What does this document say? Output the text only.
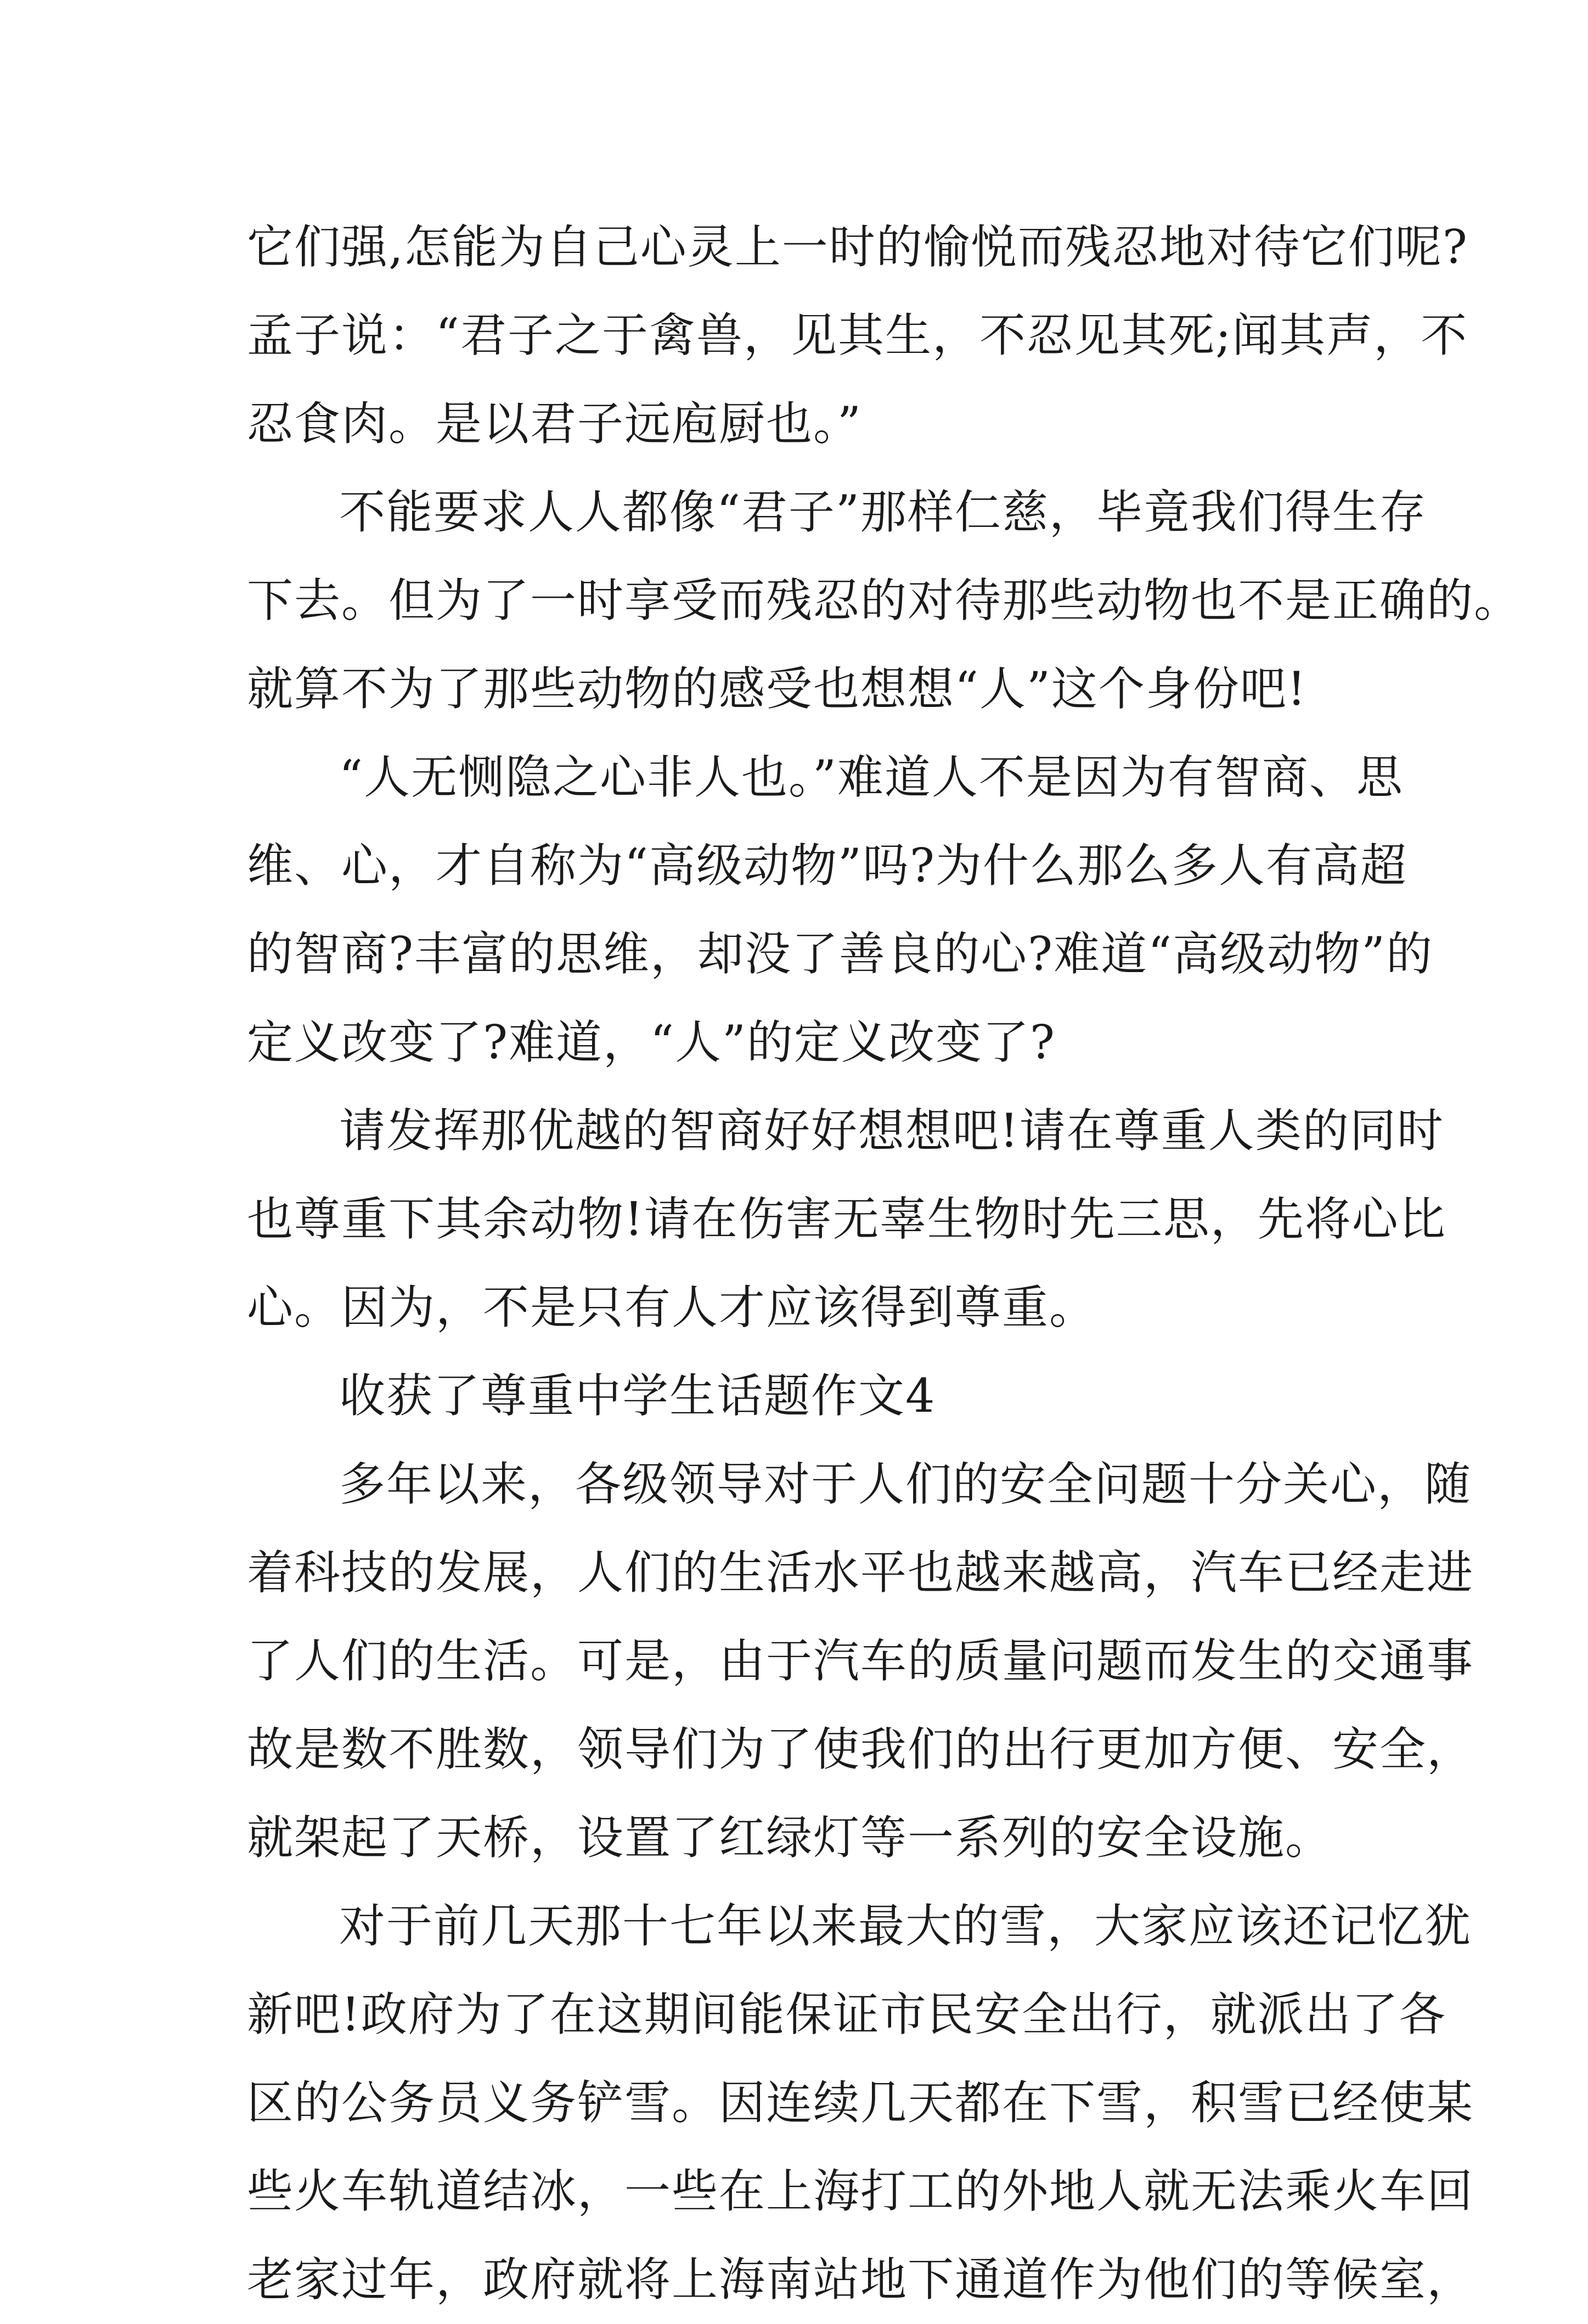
它们强,怎能为自己心灵上一时的愉悦而残忍地对待它们呢?
孟子说：“君子之于禽兽，见其生，不忍见其死;闻其声，不
忍食肉。是以君子远庖厨也。”
不能要求人人都像“君子”那样仁慈，毕竟我们得生存
下去。但为了一时享受而残忍的对待那些动物也不是正确的。
就算不为了那些动物的感受也想想“人”这个身份吧!
“人无恻隐之心非人也。”难道人不是因为有智商、思
维、心，才自称为“高级动物”吗?为什么那么多人有高超
的智商?丰富的思维，却没了善良的心?难道“高级动物”的
定义改变了?难道，“人”的定义改变了?
请发挥那优越的智商好好想想吧!请在尊重人类的同时
也尊重下其余动物!请在伤害无辜生物时先三思，先将心比
心。因为，不是只有人才应该得到尊重。
收获了尊重中学生话题作文4
多年以来，各级领导对于人们的安全问题十分关心，随
着科技的发展，人们的生活水平也越来越高，汽车已经走进
了人们的生活。可是，由于汽车的质量问题而发生的交通事
故是数不胜数，领导们为了使我们的出行更加方便、安全，
就架起了天桥，设置了红绿灯等一系列的安全设施。
对于前几天那十七年以来最大的雪，大家应该还记忆犹
新吧!政府为了在这期间能保证市民安全出行，就派出了各
区的公务员义务铲雪。因连续几天都在下雪，积雪已经使某
些火车轨道结冰，一些在上海打工的外地人就无法乘火车回
老家过年，政府就将上海南站地下通道作为他们的等候室，
